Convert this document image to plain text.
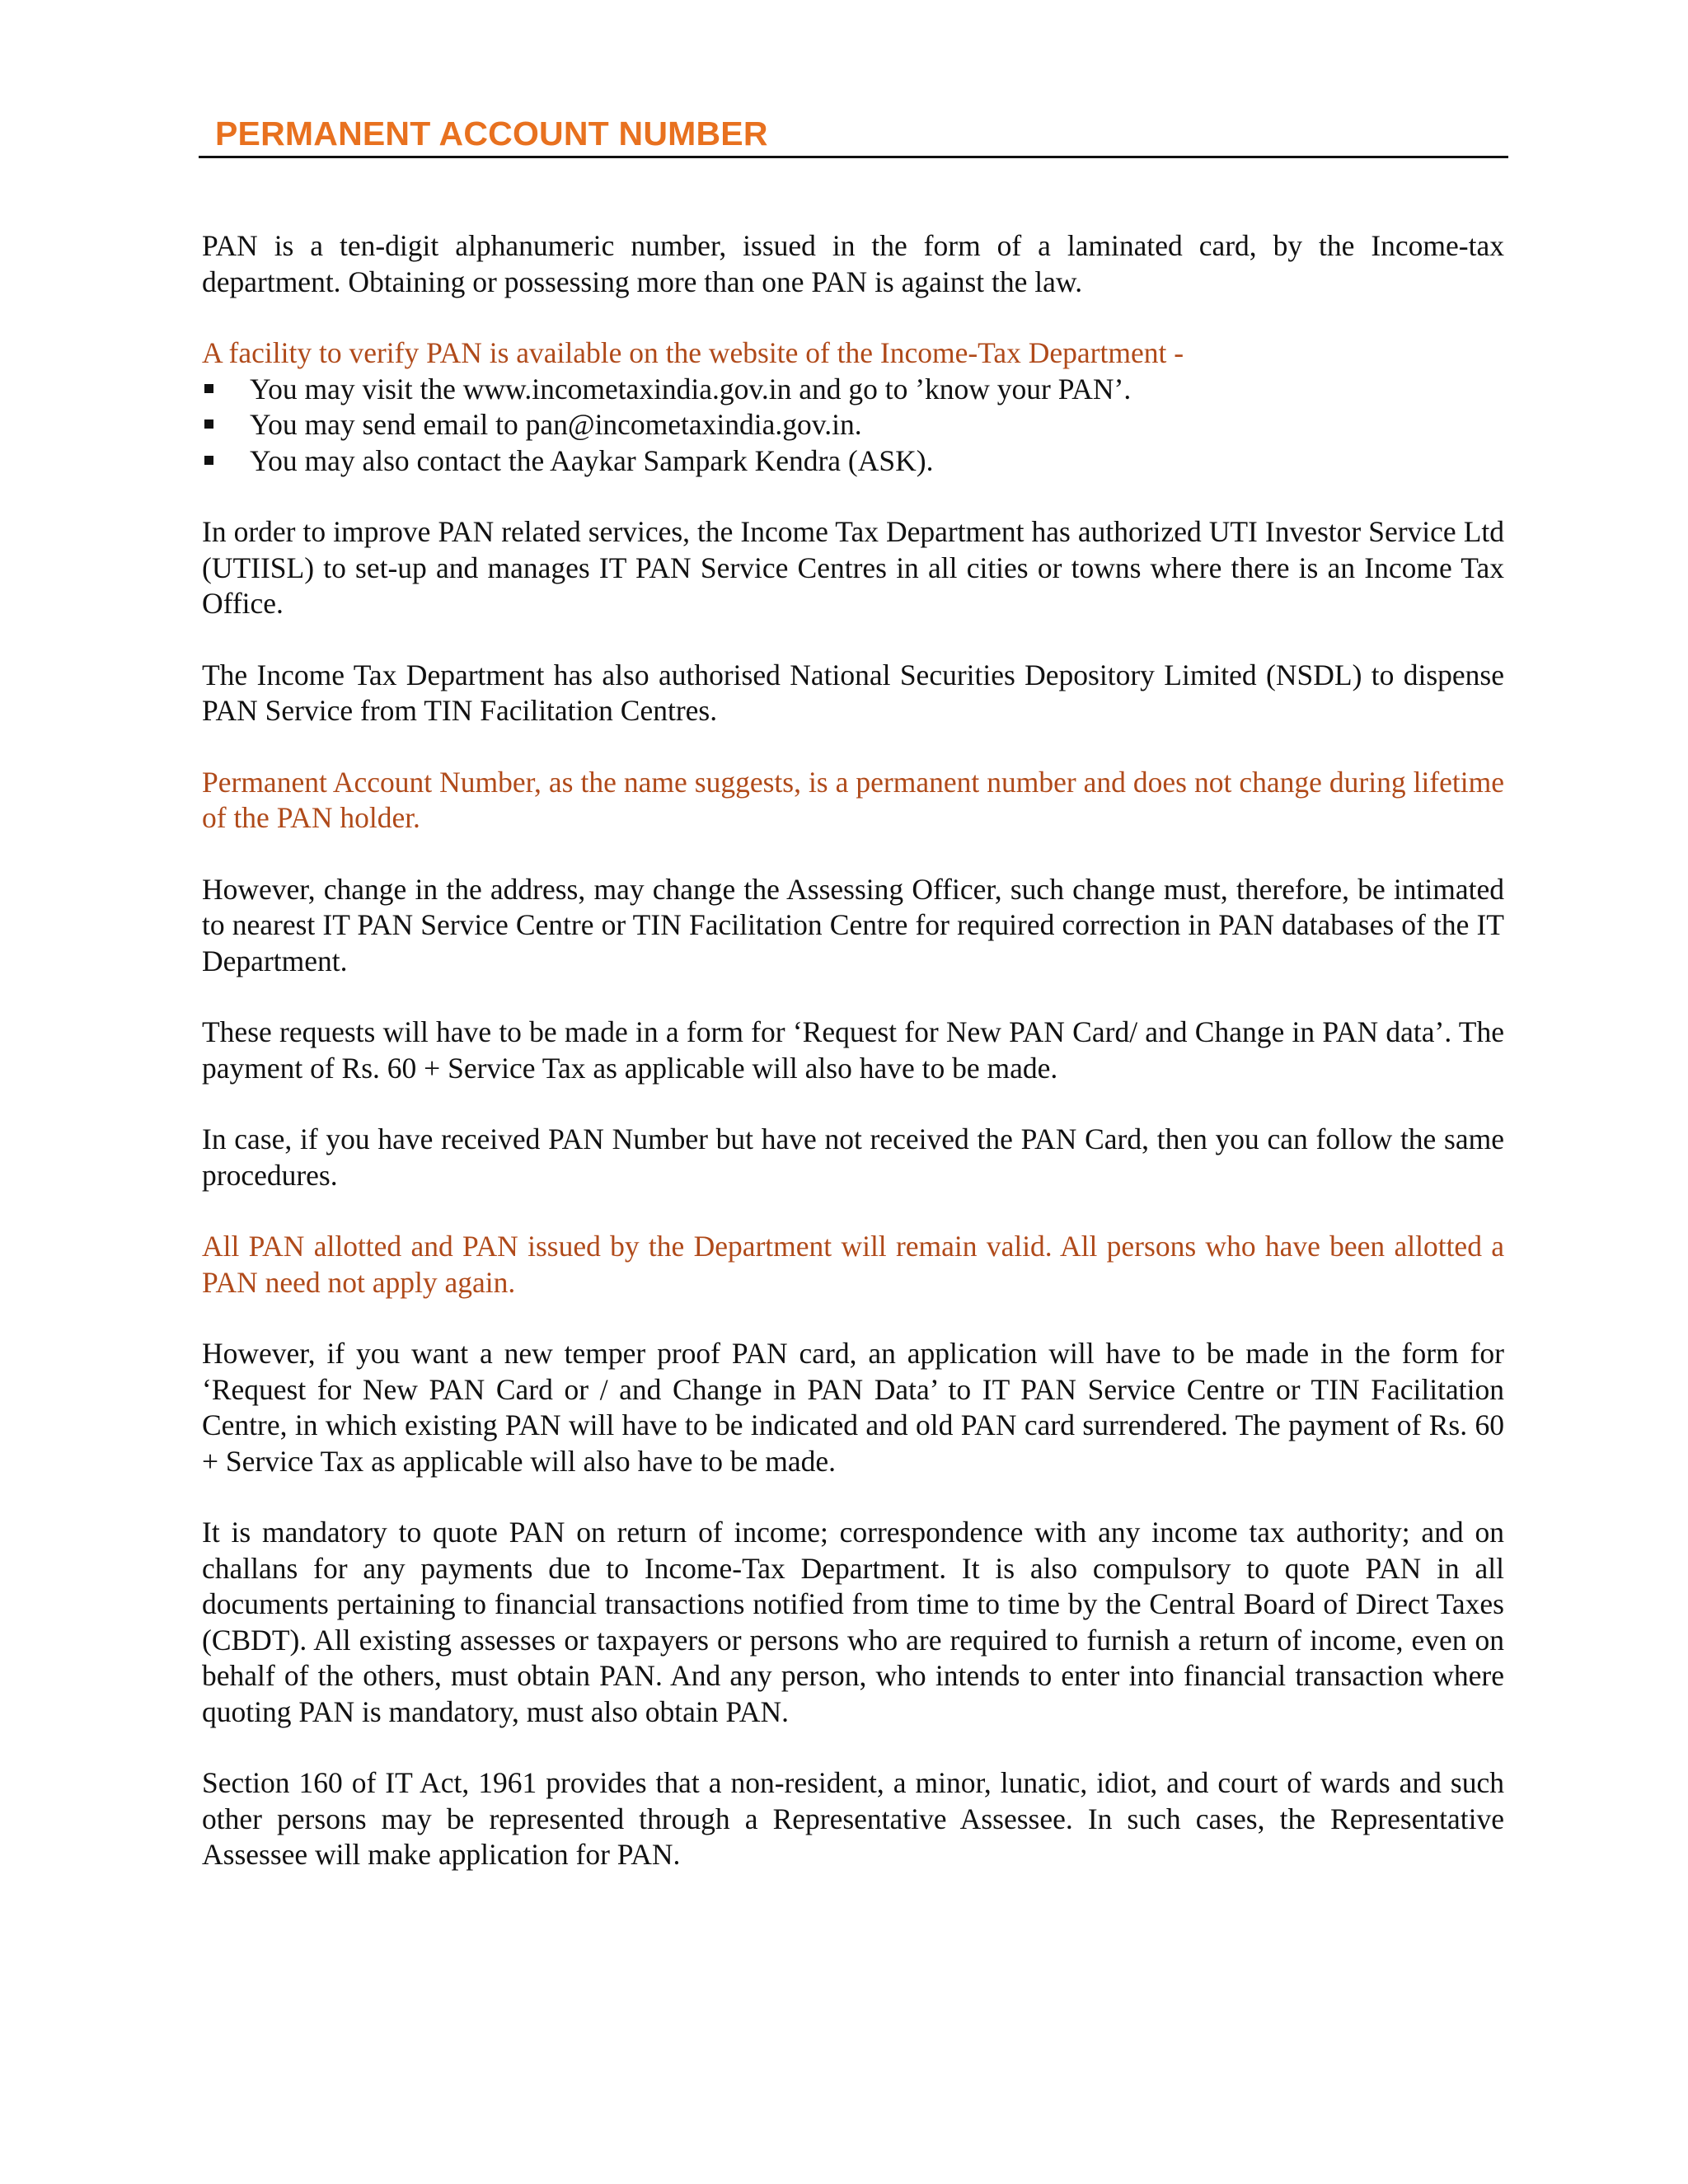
PERMANENT ACCOUNT NUMBER

PAN is a ten-digit alphanumeric number, issued in the form of a laminated card, by the Income-tax department. Obtaining or possessing more than one PAN is against the law.

A facility to verify PAN is available on the website of the Income-Tax Department -

You may visit the www.incometaxindia.gov.in and go to ’know your PAN’.
You may send email to pan@incometaxindia.gov.in.
You may also contact the Aaykar Sampark Kendra (ASK).

In order to improve PAN related services, the Income Tax Department has authorized UTI Investor Service Ltd (UTIISL) to set-up and manages IT PAN Service Centres in all cities or towns where there is an Income Tax Office.

The Income Tax Department has also authorised National Securities Depository Limited (NSDL) to dispense PAN Service from TIN Facilitation Centres.

Permanent Account Number, as the name suggests, is a permanent number and does not change during lifetime of the PAN holder.

However, change in the address, may change the Assessing Officer, such change must, therefore, be intimated to nearest IT PAN Service Centre or TIN Facilitation Centre for required correction in PAN databases of the IT Department.

These requests will have to be made in a form for ‘Request for New PAN Card/ and Change in PAN data’. The payment of Rs. 60 + Service Tax as applicable will also have to be made.

In case, if you have received PAN Number but have not received the PAN Card, then you can follow the same procedures.

All PAN allotted and PAN issued by the Department will remain valid. All persons who have been allotted a PAN need not apply again.

However, if you want a new temper proof PAN card, an application will have to be made in the form for ‘Request for New PAN Card or / and Change in PAN Data’ to IT PAN Service Centre or TIN Facilitation Centre, in which existing PAN will have to be indicated and old PAN card surrendered. The payment of Rs. 60 + Service Tax as applicable will also have to be made.

It is mandatory to quote PAN on return of income; correspondence with any income tax authority; and on challans for any payments due to Income-Tax Department. It is also compulsory to quote PAN in all documents pertaining to financial transactions notified from time to time by the Central Board of Direct Taxes (CBDT). All existing assesses or taxpayers or persons who are required to furnish a return of income, even on behalf of the others, must obtain PAN. And any person, who intends to enter into financial transaction where quoting PAN is mandatory, must also obtain PAN.

Section 160 of IT Act, 1961 provides that a non-resident, a minor, lunatic, idiot, and court of wards and such other persons may be represented through a Representative Assessee. In such cases, the Representative Assessee will make application for PAN.
